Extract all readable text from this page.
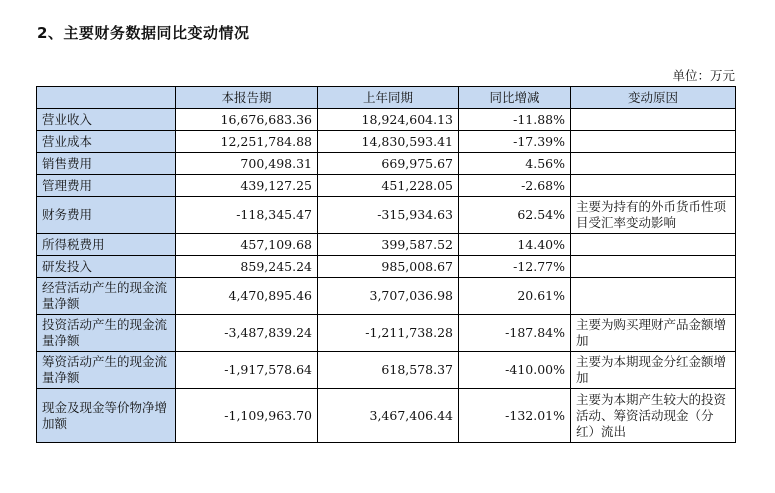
2、主要财务数据同比变动情况
单位：万元
	本报告期	上年同期	同比增减	变动原因
营业收入	16,676,683.36	18,924,604.13	-11.88%	
营业成本	12,251,784.88	14,830,593.41	-17.39%	
销售费用	700,498.31	669,975.67	4.56%	
管理费用	439,127.25	451,228.05	-2.68%	
财务费用	-118,345.47	-315,934.63	62.54%	主要为持有的外币货币性项目受汇率变动影响
所得税费用	457,109.68	399,587.52	14.40%	
研发投入	859,245.24	985,008.67	-12.77%	
经营活动产生的现金流量净额	4,470,895.46	3,707,036.98	20.61%	
投资活动产生的现金流量净额	-3,487,839.24	-1,211,738.28	-187.84%	主要为购买理财产品金额增加
筹资活动产生的现金流量净额	-1,917,578.64	618,578.37	-410.00%	主要为本期现金分红金额增加
现金及现金等价物净增加额	-1,109,963.70	3,467,406.44	-132.01%	主要为本期产生较大的投资活动、筹资活动现金（分红）流出
